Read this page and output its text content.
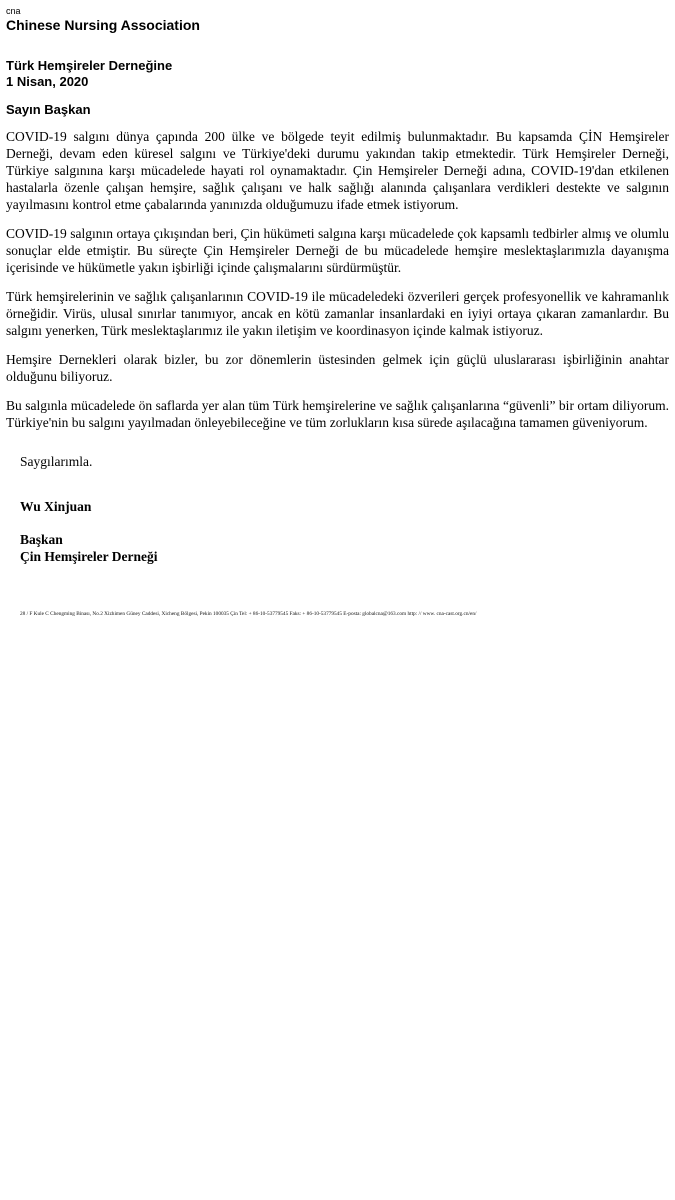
cna
Chinese Nursing Association
Türk Hemşireler Derneğine
1 Nisan, 2020
Sayın Başkan

COVID-19 salgını dünya çapında 200 ülke ve bölgede teyit edilmiş bulunmaktadır. Bu kapsamda ÇİN Hemşireler Derneği, devam eden küresel salgını ve Türkiye'deki durumu yakından takip etmektedir. Türk Hemşireler Derneği, Türkiye salgınına karşı mücadelede hayati rol oynamaktadır. Çin Hemşireler Derneği adına, COVID-19'dan etkilenen hastalarla özenle çalışan hemşire, sağlık çalışanı ve halk sağlığı alanında çalışanlara verdikleri destekte ve salgının yayılmasını kontrol etme çabalarında yanınızda olduğumuzu ifade etmek istiyorum.

COVID-19 salgının ortaya çıkışından beri, Çin hükümeti salgına karşı mücadelede çok kapsamlı tedbirler almış ve olumlu sonuçlar elde etmiştir. Bu süreçte Çin Hemşireler Derneği de bu mücadelede hemşire meslektaşlarımızla dayanışma içerisinde ve hükümetle yakın işbirliği içinde çalışmalarını sürdürmüştür.

Türk hemşirelerinin ve sağlık çalışanlarının COVID-19 ile mücadeledeki özverileri gerçek profesyonellik ve kahramanlık örneğidir. Virüs, ulusal sınırlar tanımıyor, ancak en kötü zamanlar insanlardaki en iyiyi ortaya çıkaran zamanlardır. Bu salgını yenerken, Türk meslektaşlarımız ile yakın iletişim ve koordinasyon içinde kalmak istiyoruz.

Hemşire Dernekleri olarak bizler, bu zor dönemlerin üstesinden gelmek için güçlü uluslararası işbirliğinin anahtar olduğunu biliyoruz.

Bu salgınla mücadelede ön saflarda yer alan tüm Türk hemşirelerine ve sağlık çalışanlarına “güvenli” bir ortam diliyorum. Türkiye'nin bu salgını yayılmadan önleyebileceğine ve tüm zorlukların kısa sürede aşılacağına tamamen güveniyorum.

Saygılarımla.
Wu Xinjuan
Başkan
Çin Hemşireler Derneği
28 / F Kule C Chengming Binası, No.2 Xizhimen Güney Caddesi, Xicheng Bölgesi, Pekin 100035 Çin Tel: + 86-10-53779545 Faks: + 86-10-53779545 E-posta: globalcna@163.com http: // www. cna-cast.org.cn/en/
